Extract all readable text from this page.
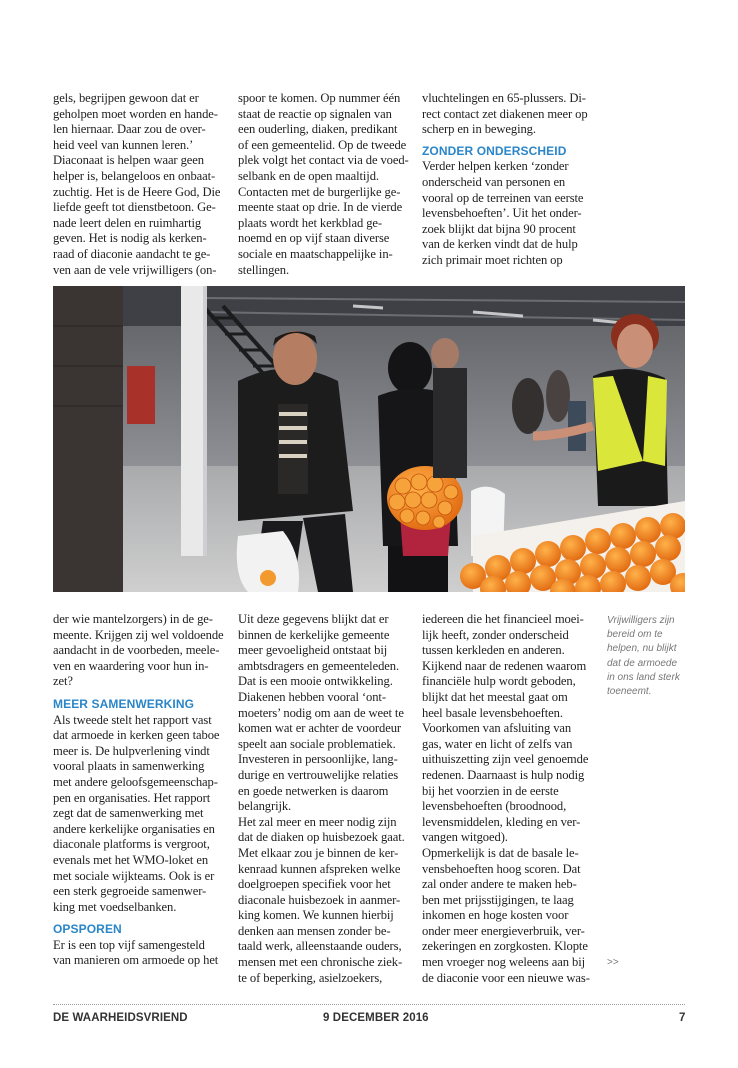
gels, begrijpen gewoon dat er
geholpen moet worden en hande-
len hiernaar. Daar zou de over-
heid veel van kunnen leren.’
Diaconaat is helpen waar geen
helper is, belangeloos en onbaat-
zuchtig. Het is de Heere God, Die
liefde geeft tot dienstbetoon. Ge-
nade leert delen en ruimhartig
geven. Het is nodig als kerken-
raad of diaconie aandacht te ge-
ven aan de vele vrijwilligers (on-
spoor te komen. Op nummer één
staat de reactie op signalen van
een ouderling, diaken, predikant
of een gemeentelid. Op de tweede
plek volgt het contact via de voed-
selbank en de open maaltijd.
Contacten met de burgerlijke ge-
meente staat op drie. In de vierde
plaats wordt het kerkblad ge-
noemd en op vijf staan diverse
sociale en maatschappelijke in-
stellingen.
vluchtelingen en 65-plussers. Di-
rect contact zet diakenen meer op
scherp en in beweging.
ZONDER ONDERSCHEID
Verder helpen kerken ‘zonder
onderscheid van personen en
vooral op de terreinen van eerste
levensbehoeften’. Uit het onder-
zoek blijkt dat bijna 90 procent
van de kerken vindt dat de hulp
zich primair moet richten op
der wie mantelzorgers) in de ge-
meente. Krijgen zij wel voldoende
aandacht in de voorbeden, meele-
ven en waardering voor hun in-
zet?
MEER SAMENWERKING
Als tweede stelt het rapport vast
dat armoede in kerken geen taboe
meer is. De hulpverlening vindt
vooral plaats in samenwerking
met andere geloofsgemeenschap-
pen en organisaties. Het rapport
zegt dat de samenwerking met
andere kerkelijke organisaties en
diaconale platforms is vergroot,
evenals met het WMO-loket en
met sociale wijkteams. Ook is er
een sterk gegroeide samenwer-
king met voedselbanken.
OPSPOREN
Er is een top vijf samengesteld
van manieren om armoede op het
Uit deze gegevens blijkt dat er
binnen de kerkelijke gemeente
meer gevoeligheid ontstaat bij
ambtsdragers en gemeenteleden.
Dat is een mooie ontwikkeling.
Diakenen hebben vooral ‘ont-
moeters’ nodig om aan de weet te
komen wat er achter de voordeur
speelt aan sociale problematiek.
Investeren in persoonlijke, lang-
durige en vertrouwelijke relaties
en goede netwerken is daarom
belangrijk.
Het zal meer en meer nodig zijn
dat de diaken op huisbezoek gaat.
Met elkaar zou je binnen de ker-
kenraad kunnen afspreken welke
doelgroepen specifiek voor het
diaconale huisbezoek in aanmer-
king komen. We kunnen hierbij
denken aan mensen zonder be-
taald werk, alleenstaande ouders,
mensen met een chronische ziek-
te of beperking, asielzoekers,
iedereen die het financieel moei-
lijk heeft, zonder onderscheid
tussen kerkleden en anderen.
Kijkend naar de redenen waarom
financiële hulp wordt geboden,
blijkt dat het meestal gaat om
heel basale levensbehoeften.
Voorkomen van afsluiting van
gas, water en licht of zelfs van
uithuiszetting zijn veel genoemde
redenen. Daarnaast is hulp nodig
bij het voorzien in de eerste
levensbehoeften (broodnood,
levensmiddelen, kleding en ver-
vangen witgoed).
Opmerkelijk is dat de basale le-
vensbehoeften hoog scoren. Dat
zal onder andere te maken heb-
ben met prijsstijgingen, te laag
inkomen en hoge kosten voor
onder meer energieverbruik, ver-
zekeringen en zorgkosten. Klopte
men vroeger nog weleens aan bij
de diaconie voor een nieuwe was-
Vrijwilligers zijn
bereid om te
helpen, nu blijkt
dat de armoede
in ons land sterk
toeneemt.
>>
DE WAARHEIDSVRIEND	9 DECEMBER 2016	7
